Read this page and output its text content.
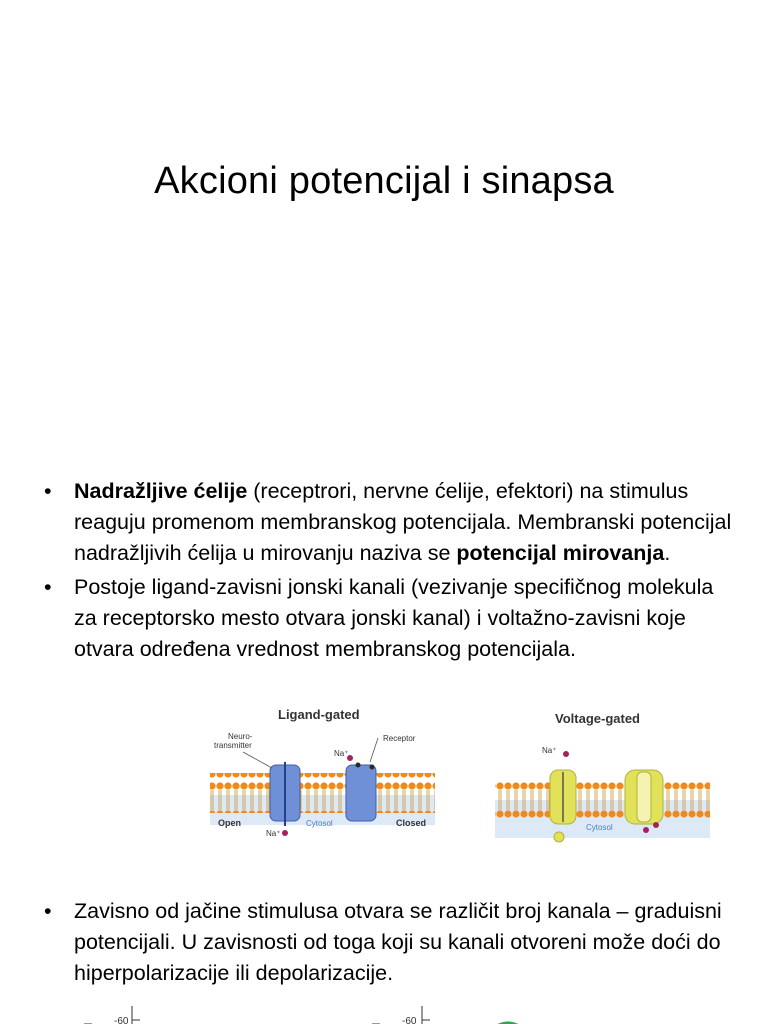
Akcioni potencijal i sinapsa
• Nadražljive ćelije (receptrori, nervne ćelije, efektori) na stimulus reaguju promenom membranskog potencijala. Membranski potencijal nadražljivih ćelija u mirovanju naziva se potencijal mirovanja.
• Postoje ligand-zavisni jonski kanali (vezivanje specifičnog molekula za receptorsko mesto otvara jonski kanal) i voltažno-zavisni koje otvara određena vrednost membranskog potencijala.
Ligand-gated
Neuro-
transmitter
Receptor
Na⁺
Na⁺
Open	Closed
Cytosol
Voltage-gated
Na⁺
Cytosol
• Zavisno od jačine stimulusa otvara se različit broj kanala – graduisni potencijali. U zavisnosti od toga koji su kanali otvoreni može doći do hiperpolarizacije ili depolarizacije.
-60	-60
